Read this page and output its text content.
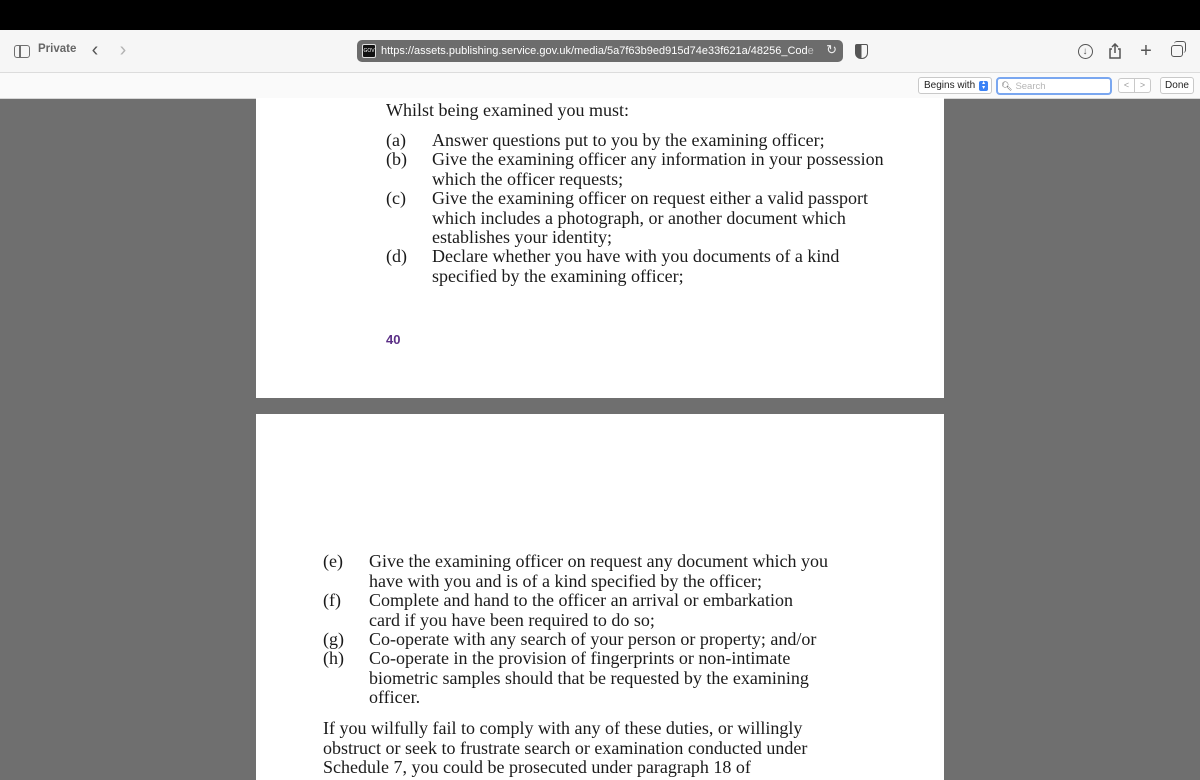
Private ‹ ›	GOV https://assets.publishing.service.gov.uk/media/5a7f63b9ed915d74e33f621a/48256_Code ↻	↓	+
Begins with	▴
▾	🔍︎
Search	<	>	Done
Whilst being examined you must:
(a) Answer questions put to you by the examining officer;
(b) Give the examining officer any information in your possession
which the officer requests;
(c) Give the examining officer on request either a valid passport
which includes a photograph, or another document which
establishes your identity;
(d) Declare whether you have with you documents of a kind
specified by the examining officer;
40
(e) Give the examining officer on request any document which you
have with you and is of a kind specified by the officer;
(f) Complete and hand to the officer an arrival or embarkation
card if you have been required to do so;
(g) Co-operate with any search of your person or property; and/or
(h) Co-operate in the provision of fingerprints or non-intimate
biometric samples should that be requested by the examining
officer.
If you wilfully fail to comply with any of these duties, or willingly
obstruct or seek to frustrate search or examination conducted under
Schedule 7, you could be prosecuted under paragraph 18 of
